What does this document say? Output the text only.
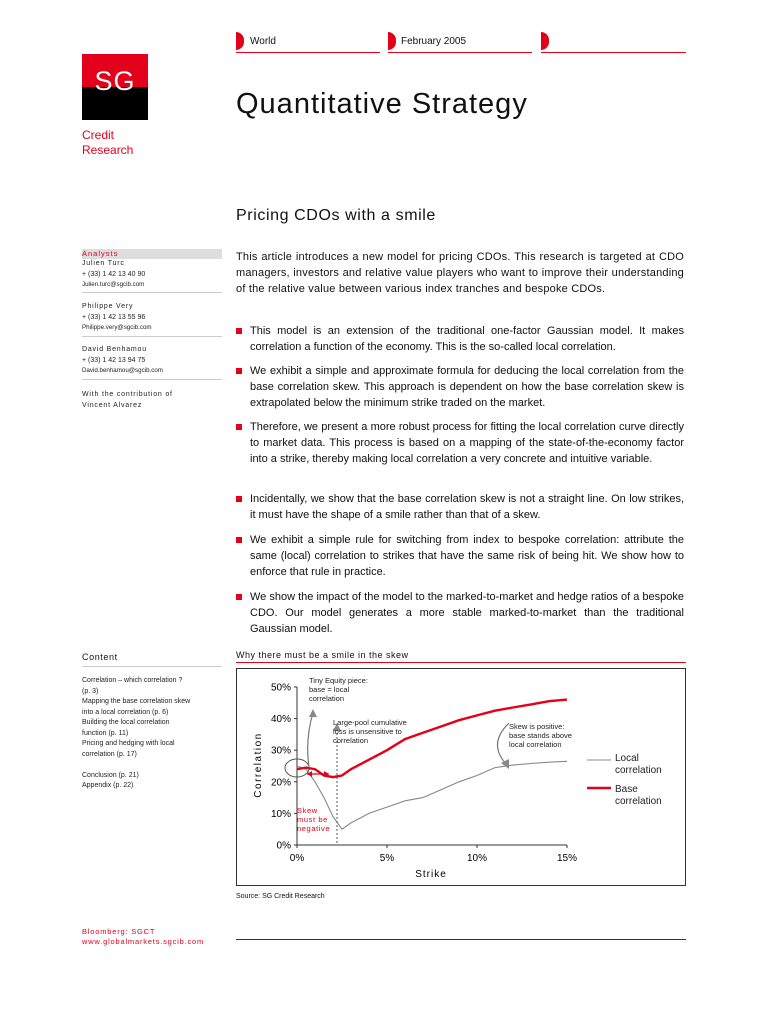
World	February 2005
SG
Credit
Research
Quantitative Strategy
Pricing CDOs with a smile
Analysts
Julien Turc
+ (33) 1 42 13 40 90
Julien.turc@sgcib.com
Philippe Very
+ (33) 1 42 13 55 96
Philippe.very@sgcib.com
David Benhamou
+ (33) 1 42 13 94 75
David.benhamou@sgcib.com
With the contribution of
Vincent Alvarez
This article introduces a new model for pricing CDOs. This research is targeted at CDO managers, investors and relative value players who want to improve their understanding of the relative value between various index tranches and bespoke CDOs.
This model is an extension of the traditional one-factor Gaussian model. It makes correlation a function of the economy. This is the so-called local correlation.
We exhibit a simple and approximate formula for deducing the local correlation from the base correlation skew. This approach is dependent on how the base correlation skew is extrapolated below the minimum strike traded on the market.
Therefore, we present a more robust process for fitting the local correlation curve directly to market data. This process is based on a mapping of the state-of-the-economy factor into a strike, thereby making local correlation a very concrete and intuitive variable.
Incidentally, we show that the base correlation skew is not a straight line. On low strikes, it must have the shape of a smile rather than that of a skew.
We exhibit a simple rule for switching from index to bespoke correlation: attribute the same (local) correlation to strikes that have the same risk of being hit. We show how to enforce that rule in practice.
We show the impact of the model to the marked-to-market and hedge ratios of a bespoke CDO. Our model generates a more stable marked-to-market than the traditional Gaussian model.
Content
Correlation – which correlation ?
(p. 3)
Mapping the base correlation skew
into a local correlation (p. 6)
Building the local correlation
function (p. 11)
Pricing and hedging with local
correlation (p. 17)
Conclusion (p. 21)
Appendix (p. 22)
Why there must be a smile in the skew
0%
10%
20%
30%
40%
50%
0%	5%	10%	15%
Correlation
Strike
Tiny Equity piece: base = local correlation
Large-pool cumulative loss is unsensitive to correlation
Skew is positive: base stands above local correlation
Skew must be negative
Local correlation
Base correlation
Source: SG Credit Research
Bloomberg: SGCT
www.globalmarkets.sgcib.com
